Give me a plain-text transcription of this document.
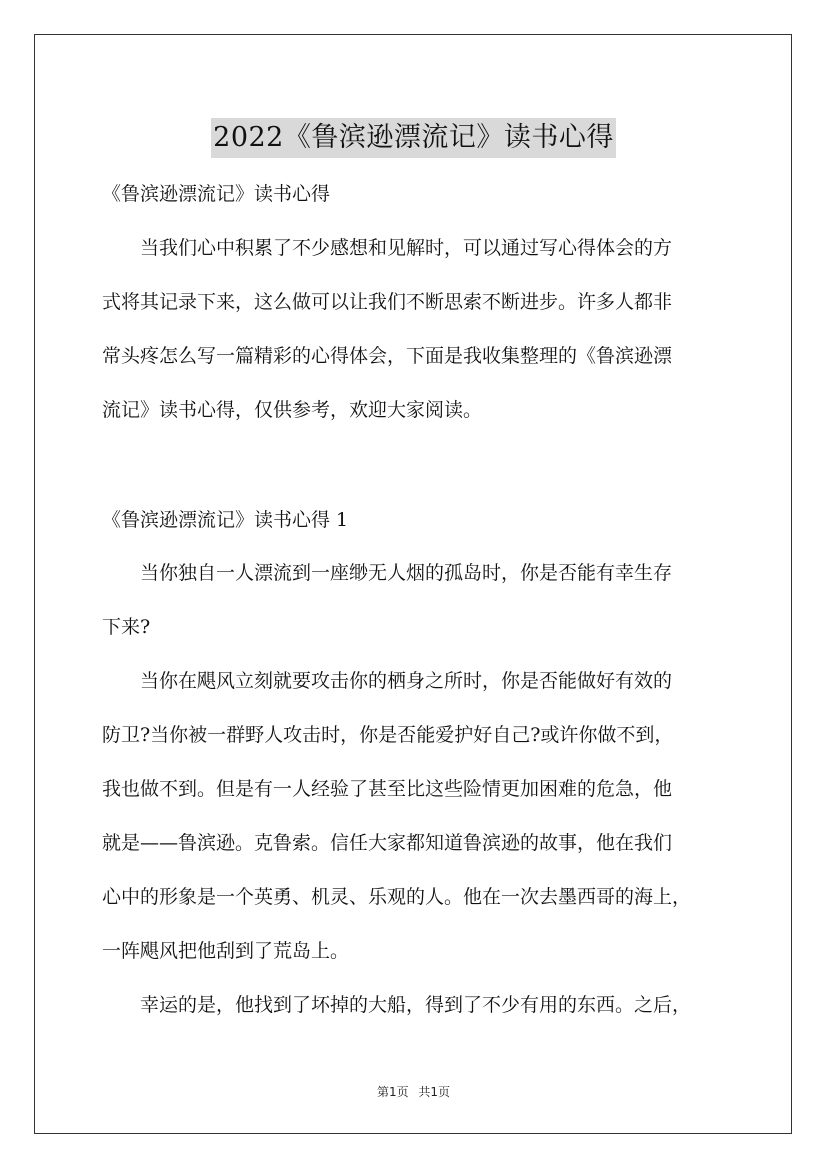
2022《鲁滨逊漂流记》读书心得
《鲁滨逊漂流记》读书心得

　　当我们心中积累了不少感想和见解时，可以通过写心得体会的方

式将其记录下来，这么做可以让我们不断思索不断进步。许多人都非

常头疼怎么写一篇精彩的心得体会，下面是我收集整理的《鲁滨逊漂

流记》读书心得，仅供参考，欢迎大家阅读。

《鲁滨逊漂流记》读书心得 1

　　当你独自一人漂流到一座缈无人烟的孤岛时，你是否能有幸生存

下来?

　　当你在飓风立刻就要攻击你的栖身之所时，你是否能做好有效的

防卫?当你被一群野人攻击时，你是否能爱护好自己?或许你做不到，

我也做不到。但是有一人经验了甚至比这些险情更加困难的危急，他

就是——鲁滨逊。克鲁索。信任大家都知道鲁滨逊的故事，他在我们

心中的形象是一个英勇、机灵、乐观的人。他在一次去墨西哥的海上，

一阵飓风把他刮到了荒岛上。

　　幸运的是，他找到了坏掉的大船，得到了不少有用的东西。之后，

第1页 共1页
